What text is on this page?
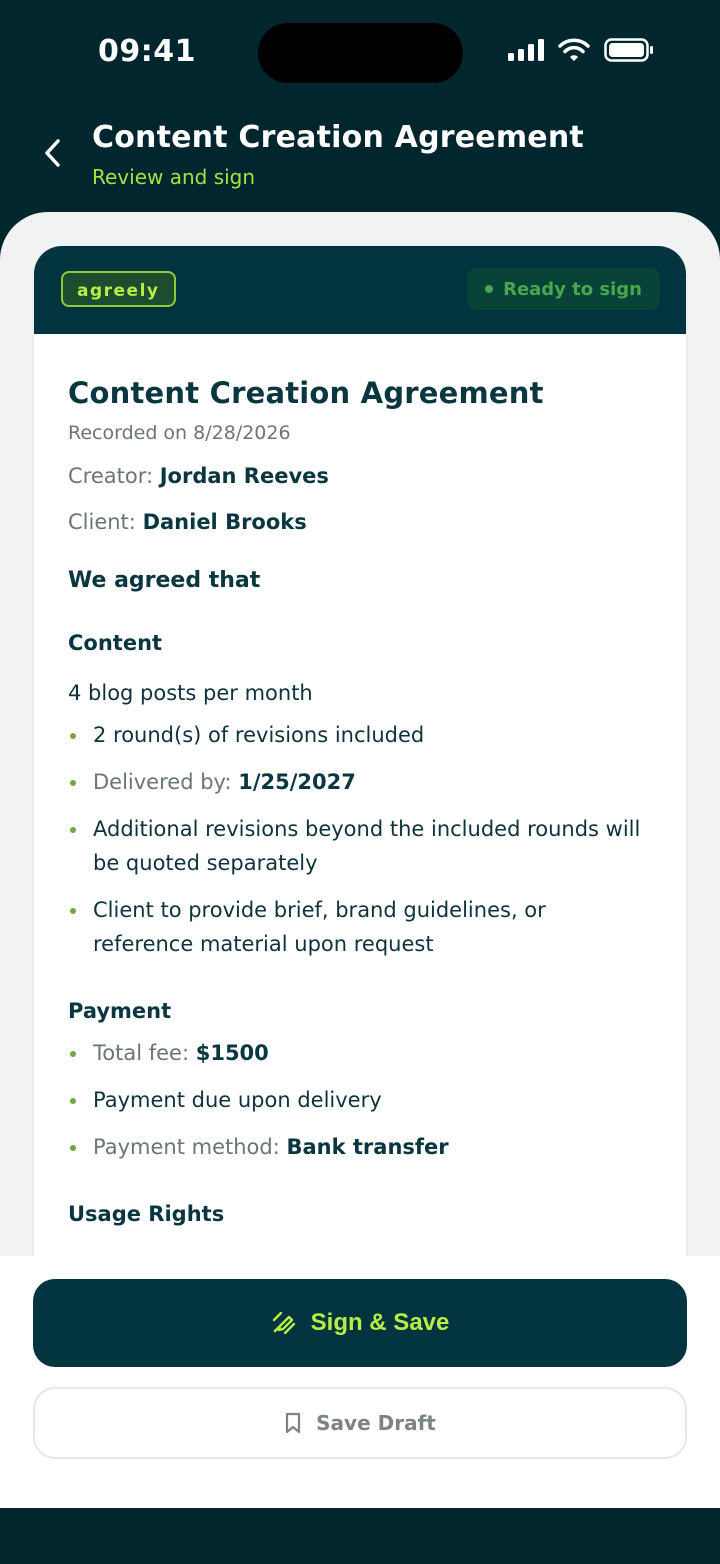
09:41
Content Creation Agreement
Review and sign
agreely	Ready to sign
Content Creation Agreement
Recorded on 8/28/2026
Creator: Jordan Reeves
Client: Daniel Brooks
We agreed that
Content
4 blog posts per month
2 round(s) of revisions included
Delivered by: 1/25/2027
Additional revisions beyond the included rounds will be quoted separately
Client to provide brief, brand guidelines, or reference material upon request
Payment
Total fee: $1500
Payment due upon delivery
Payment method: Bank transfer
Usage Rights
Sign & Save
Save Draft
